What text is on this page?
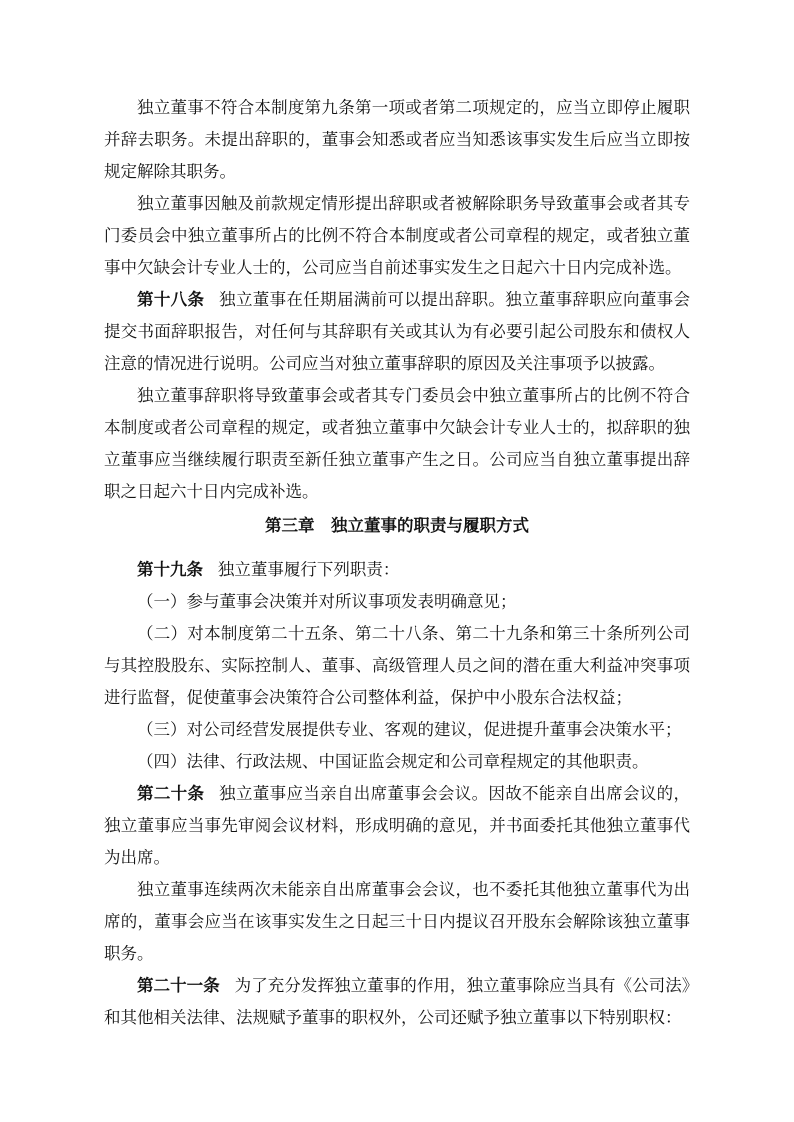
独立董事不符合本制度第九条第一项或者第二项规定的，应当立即停止履职并辞去职务。未提出辞职的，董事会知悉或者应当知悉该事实发生后应当立即按规定解除其职务。

独立董事因触及前款规定情形提出辞职或者被解除职务导致董事会或者其专门委员会中独立董事所占的比例不符合本制度或者公司章程的规定，或者独立董事中欠缺会计专业人士的，公司应当自前述事实发生之日起六十日内完成补选。

第十八条 独立董事在任期届满前可以提出辞职。独立董事辞职应向董事会提交书面辞职报告，对任何与其辞职有关或其认为有必要引起公司股东和债权人注意的情况进行说明。公司应当对独立董事辞职的原因及关注事项予以披露。

独立董事辞职将导致董事会或者其专门委员会中独立董事所占的比例不符合本制度或者公司章程的规定，或者独立董事中欠缺会计专业人士的，拟辞职的独立董事应当继续履行职责至新任独立董事产生之日。公司应当自独立董事提出辞职之日起六十日内完成补选。

第三章　独立董事的职责与履职方式

第十九条 独立董事履行下列职责：

（一）参与董事会决策并对所议事项发表明确意见；

（二）对本制度第二十五条、第二十八条、第二十九条和第三十条所列公司与其控股股东、实际控制人、董事、高级管理人员之间的潜在重大利益冲突事项进行监督，促使董事会决策符合公司整体利益，保护中小股东合法权益；

（三）对公司经营发展提供专业、客观的建议，促进提升董事会决策水平；

（四）法律、行政法规、中国证监会规定和公司章程规定的其他职责。

第二十条 独立董事应当亲自出席董事会会议。因故不能亲自出席会议的，独立董事应当事先审阅会议材料，形成明确的意见，并书面委托其他独立董事代为出席。

独立董事连续两次未能亲自出席董事会会议，也不委托其他独立董事代为出席的，董事会应当在该事实发生之日起三十日内提议召开股东会解除该独立董事职务。

第二十一条 为了充分发挥独立董事的作用，独立董事除应当具有《公司法》和其他相关法律、法规赋予董事的职权外，公司还赋予独立董事以下特别职权：
